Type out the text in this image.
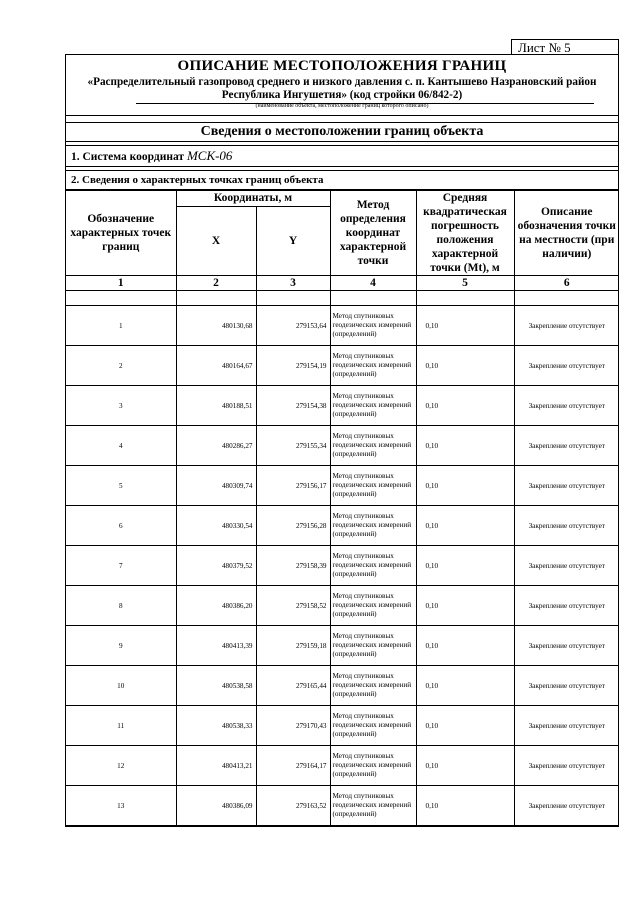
Лист № 5
ОПИСАНИЕ МЕСТОПОЛОЖЕНИЯ ГРАНИЦ
«Распределительный газопровод среднего и низкого давления с. п. Кантышево Назрановский район Республика Ингушетия» (код стройки 06/842-2)
(наименование объекта, местоположение границ которого описано)
Сведения о местоположении границ объекта
1. Система координат МСК-06
2. Сведения о характерных точках границ объекта
Обозначение характерных точек границ	Координаты, м		Метод определения координат характерной точки	Средняя квадратическая погрешность положения характерной точки (Mt), м	Описание обозначения точки на местности (при наличии)
	X	Y			
1	2	3	4	5	6

1	480130,68	279153,64	Метод спутниковых геодезических измерений (определений)	0,10	Закрепление отсутствует
2	480164,67	279154,19	Метод спутниковых геодезических измерений (определений)	0,10	Закрепление отсутствует
3	480188,51	279154,38	Метод спутниковых геодезических измерений (определений)	0,10	Закрепление отсутствует
4	480286,27	279155,34	Метод спутниковых геодезических измерений (определений)	0,10	Закрепление отсутствует
5	480309,74	279156,17	Метод спутниковых геодезических измерений (определений)	0,10	Закрепление отсутствует
6	480330,54	279156,28	Метод спутниковых геодезических измерений (определений)	0,10	Закрепление отсутствует
7	480379,52	279158,39	Метод спутниковых геодезических измерений (определений)	0,10	Закрепление отсутствует
8	480386,20	279158,52	Метод спутниковых геодезических измерений (определений)	0,10	Закрепление отсутствует
9	480413,39	279159,18	Метод спутниковых геодезических измерений (определений)	0,10	Закрепление отсутствует
10	480538,58	279165,44	Метод спутниковых геодезических измерений (определений)	0,10	Закрепление отсутствует
11	480538,33	279170,43	Метод спутниковых геодезических измерений (определений)	0,10	Закрепление отсутствует
12	480413,21	279164,17	Метод спутниковых геодезических измерений (определений)	0,10	Закрепление отсутствует
13	480386,09	279163,52	Метод спутниковых геодезических измерений (определений)	0,10	Закрепление отсутствует
